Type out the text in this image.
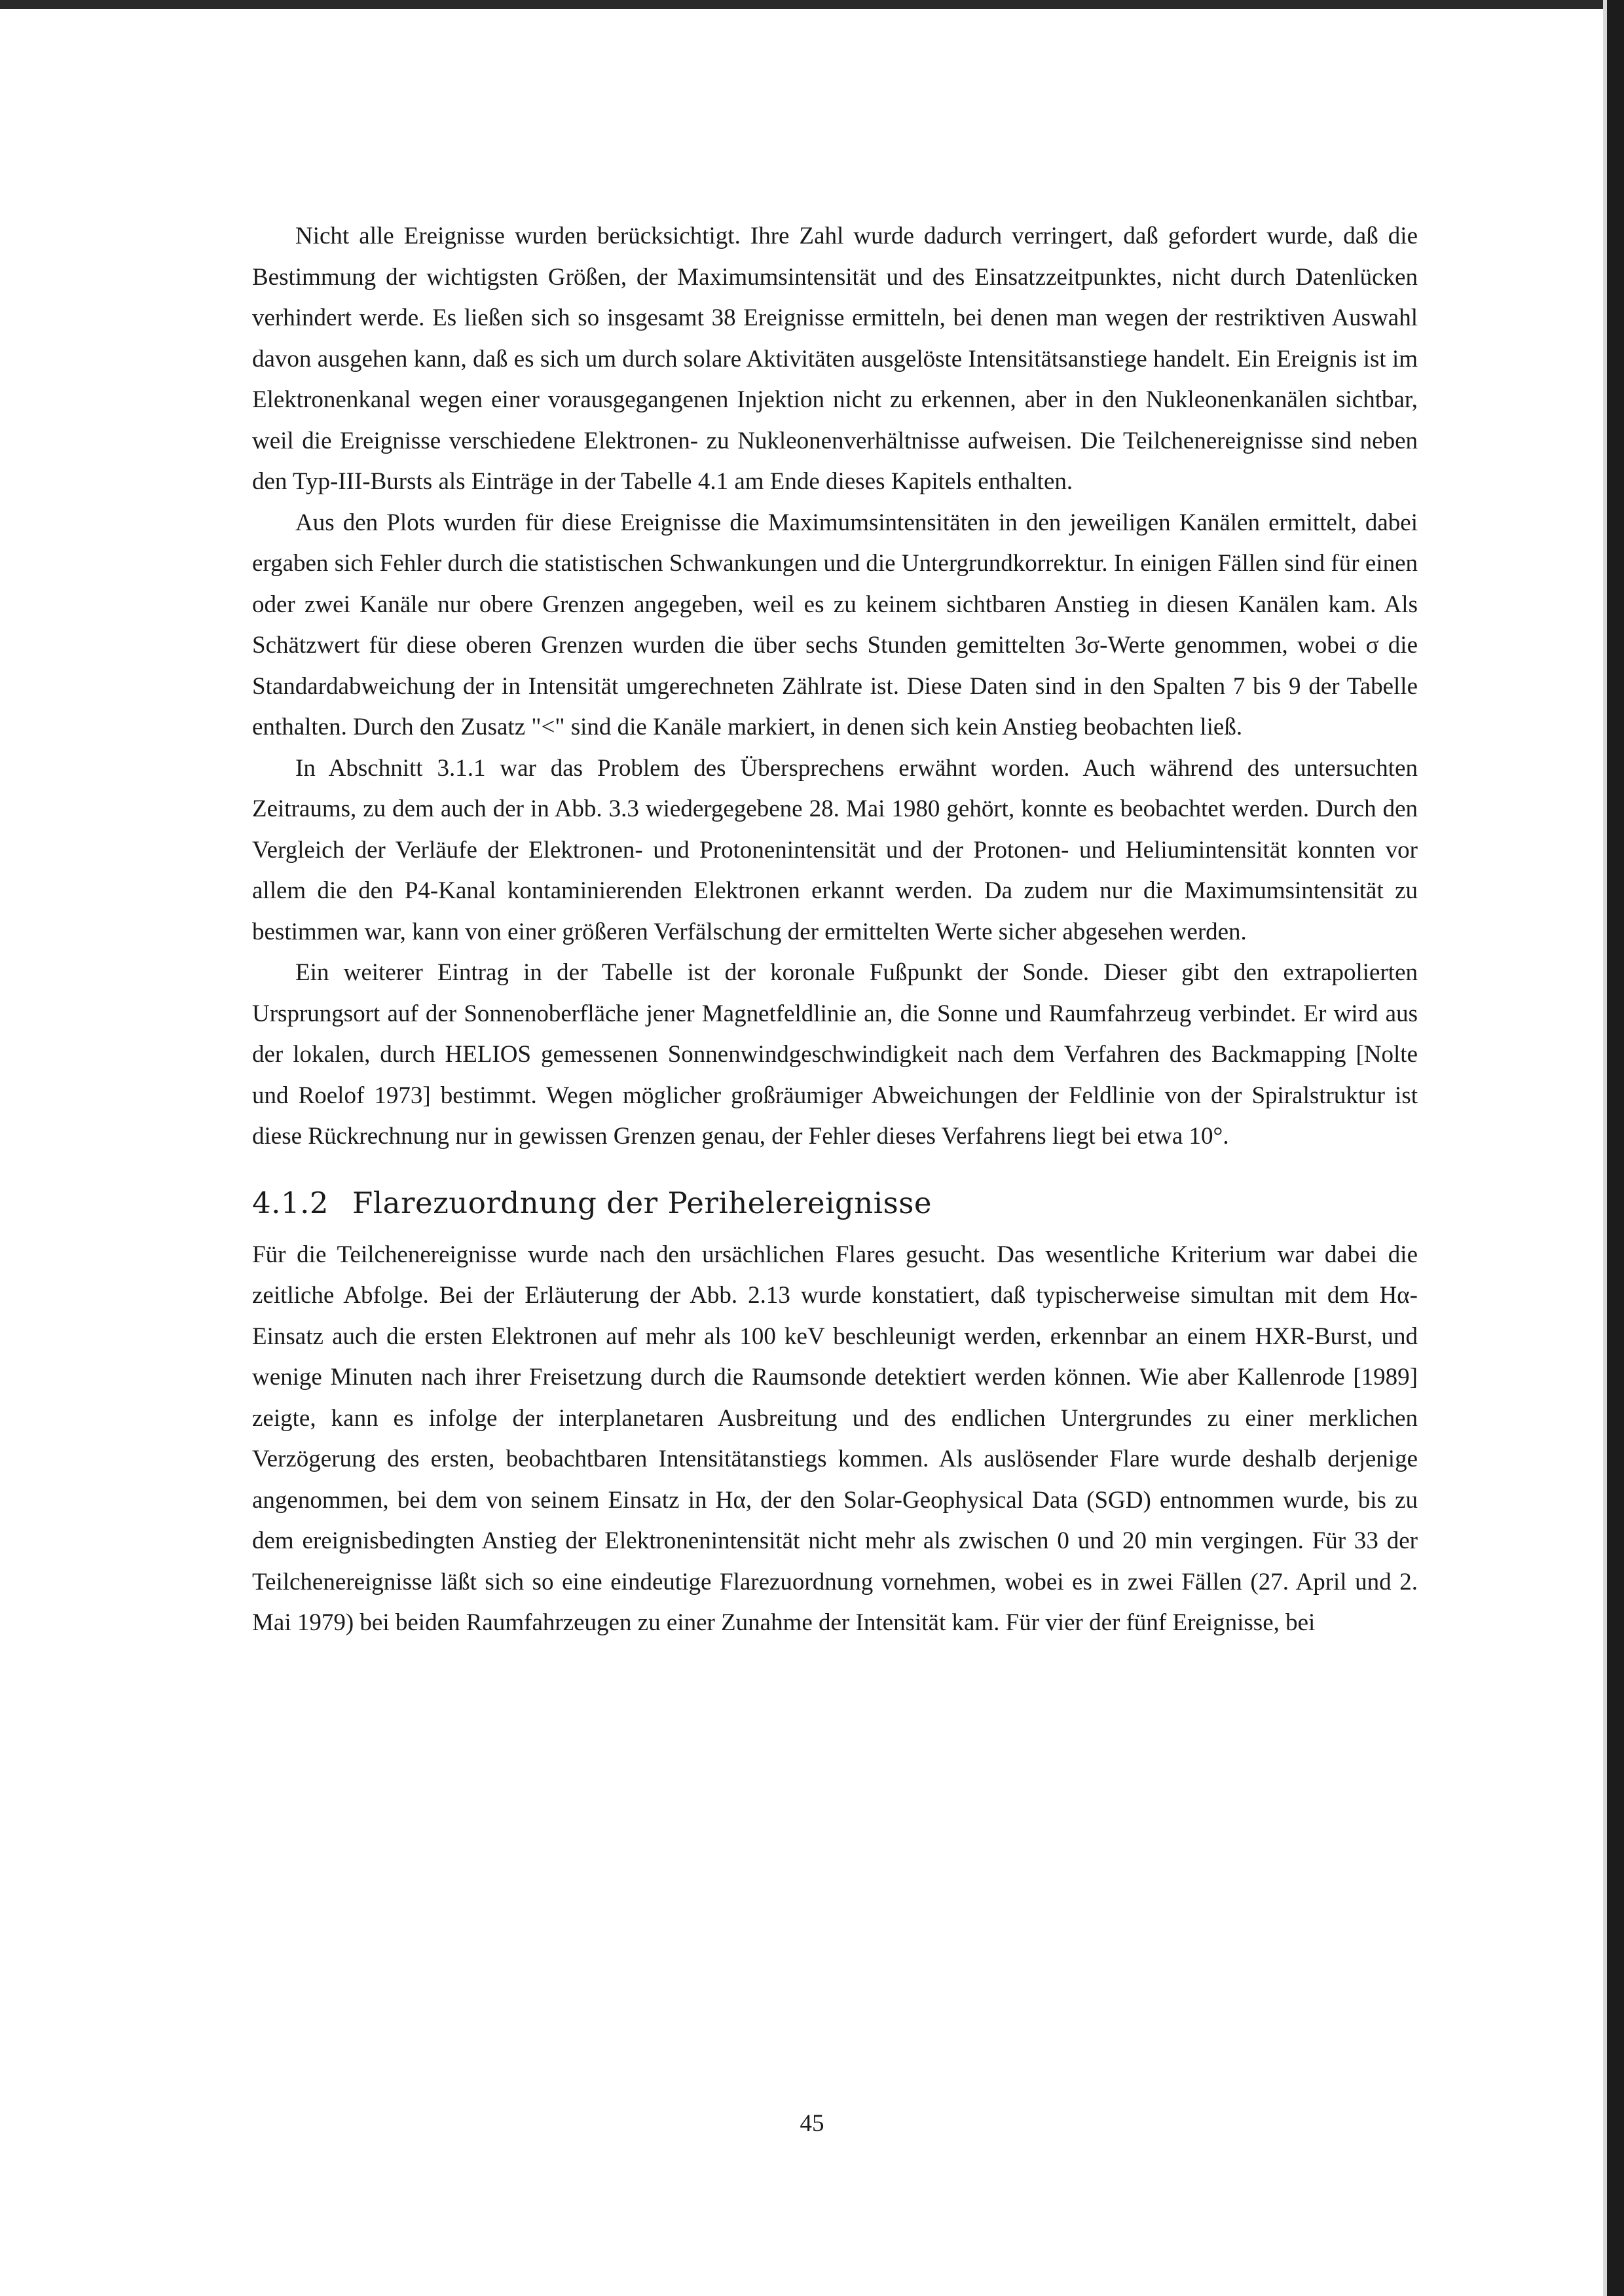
Nicht alle Ereignisse wurden berücksichtigt. Ihre Zahl wurde dadurch verringert, daß gefordert wurde, daß die Bestimmung der wichtigsten Größen, der Maximumsintensität und des Einsatzzeitpunktes, nicht durch Datenlücken verhindert werde. Es ließen sich so insgesamt 38 Ereignisse ermitteln, bei denen man wegen der restriktiven Auswahl davon ausgehen kann, daß es sich um durch solare Aktivitäten ausgelöste Intensitätsanstiege handelt. Ein Ereignis ist im Elektronenkanal wegen einer vorausgegangenen Injektion nicht zu erkennen, aber in den Nukleonenkanälen sichtbar, weil die Ereignisse verschiedene Elektronen- zu Nukleonenverhältnisse aufweisen. Die Teilchenereignisse sind neben den Typ-III-Bursts als Einträge in der Tabelle 4.1 am Ende dieses Kapitels enthalten.

Aus den Plots wurden für diese Ereignisse die Maximumsintensitäten in den jeweiligen Kanälen ermittelt, dabei ergaben sich Fehler durch die statistischen Schwankungen und die Untergrundkorrektur. In einigen Fällen sind für einen oder zwei Kanäle nur obere Grenzen angegeben, weil es zu keinem sichtbaren Anstieg in diesen Kanälen kam. Als Schätzwert für diese oberen Grenzen wurden die über sechs Stunden gemittelten 3σ-Werte genommen, wobei σ die Standardabweichung der in Intensität umgerechneten Zählrate ist. Diese Daten sind in den Spalten 7 bis 9 der Tabelle enthalten. Durch den Zusatz "<" sind die Kanäle markiert, in denen sich kein Anstieg beobachten ließ.

In Abschnitt 3.1.1 war das Problem des Übersprechens erwähnt worden. Auch während des untersuchten Zeitraums, zu dem auch der in Abb. 3.3 wiedergegebene 28. Mai 1980 gehört, konnte es beobachtet werden. Durch den Vergleich der Verläufe der Elektronen- und Protonenintensität und der Protonen- und Heliumintensität konnten vor allem die den P4-Kanal kontaminierenden Elektronen erkannt werden. Da zudem nur die Maximumsintensität zu bestimmen war, kann von einer größeren Verfälschung der ermittelten Werte sicher abgesehen werden.

Ein weiterer Eintrag in der Tabelle ist der koronale Fußpunkt der Sonde. Dieser gibt den extrapolierten Ursprungsort auf der Sonnenoberfläche jener Magnetfeldlinie an, die Sonne und Raumfahrzeug verbindet. Er wird aus der lokalen, durch HELIOS gemessenen Sonnenwindgeschwindigkeit nach dem Verfahren des Backmapping [Nolte und Roelof 1973] bestimmt. Wegen möglicher großräumiger Abweichungen der Feldlinie von der Spiralstruktur ist diese Rückrechnung nur in gewissen Grenzen genau, der Fehler dieses Verfahrens liegt bei etwa 10°.

4.1.2 Flarezuordnung der Perihelereignisse

Für die Teilchenereignisse wurde nach den ursächlichen Flares gesucht. Das wesentliche Kriterium war dabei die zeitliche Abfolge. Bei der Erläuterung der Abb. 2.13 wurde konstatiert, daß typischerweise simultan mit dem Hα-Einsatz auch die ersten Elektronen auf mehr als 100 keV beschleunigt werden, erkennbar an einem HXR-Burst, und wenige Minuten nach ihrer Freisetzung durch die Raumsonde detektiert werden können. Wie aber Kallenrode [1989] zeigte, kann es infolge der interplanetaren Ausbreitung und des endlichen Untergrundes zu einer merklichen Verzögerung des ersten, beobachtbaren Intensitätanstiegs kommen. Als auslösender Flare wurde deshalb derjenige angenommen, bei dem von seinem Einsatz in Hα, der den Solar-Geophysical Data (SGD) entnommen wurde, bis zu dem ereignisbedingten Anstieg der Elektronenintensität nicht mehr als zwischen 0 und 20 min vergingen. Für 33 der Teilchenereignisse läßt sich so eine eindeutige Flarezuordnung vornehmen, wobei es in zwei Fällen (27. April und 2. Mai 1979) bei beiden Raumfahrzeugen zu einer Zunahme der Intensität kam. Für vier der fünf Ereignisse, bei

45
